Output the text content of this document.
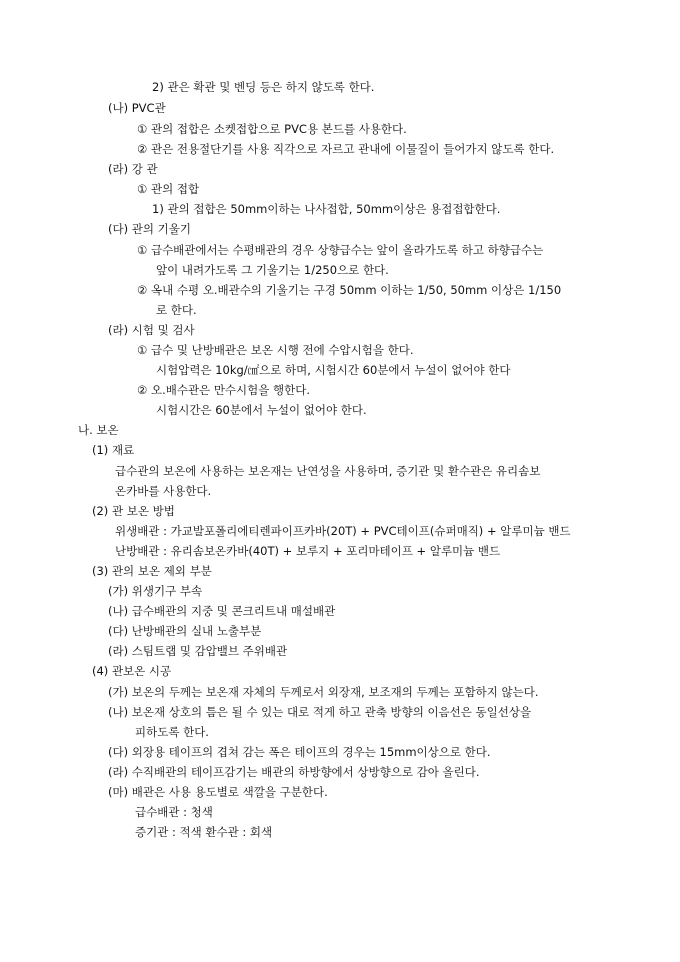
2) 관은 확관 및 벤딩 등은 하지 않도록 한다.
(나) PVC관
① 관의 접합은 소켓접합으로 PVC용 본드를 사용한다.
② 관은 전용절단기를 사용 직각으로 자르고 관내에 이물질이 들어가지 않도록 한다.
(라) 강 관
① 관의 접합
1) 관의 접합은 50mm이하는 나사접합, 50mm이상은 용접접합한다.
(다) 관의 기울기
① 급수배관에서는 수평배관의 경우 상향급수는 앞이 올라가도록 하고 하향급수는
앞이 내려가도록 그 기울기는 1/250으로 한다.
② 옥내 수평 오.배관수의 기울기는 구경 50mm 이하는 1/50, 50mm 이상은 1/150
로 한다.
(라) 시험 및 검사
① 급수 및 난방배관은 보온 시행 전에 수압시험을 한다.
시험압력은 10kg/㎠으로 하며, 시험시간 60분에서 누설이 없어야 한다
② 오.배수관은 만수시험을 행한다.
시험시간은 60분에서 누설이 없어야 한다.
나. 보온
(1) 재료
급수관의 보온에 사용하는 보온재는 난연성을 사용하며, 증기관 및 환수관은 유리솜보
온카바를 사용한다.
(2) 관 보온 방법
위생배관 : 가교발포폴리에티렌파이프카바(20T) + PVC테이프(슈퍼매직) + 알루미늄 밴드
난방배관 : 유리솜보온카바(40T) + 보루지 + 포리마테이프 + 알루미늄 밴드
(3) 관의 보온 제외 부분
(가) 위생기구 부속
(나) 급수배관의 지중 및 콘크리트내 매설배관
(다) 난방배관의 실내 노출부분
(라) 스팀트랩 및 감압밸브 주위배관
(4) 관보온 시공
(가) 보온의 두께는 보온재 자체의 두께로서 외장재, 보조재의 두께는 포함하지 않는다.
(나) 보온재 상호의 틈은 될 수 있는 대로 적게 하고 관축 방향의 이음선은 동일선상을
피하도록 한다.
(다) 외장용 테이프의 겹쳐 감는 폭은 테이프의 경우는 15mm이상으로 한다.
(라) 수직배관의 테이프감기는 배관의 하방향에서 상방향으로 감아 올린다.
(마) 배관은 사용 용도별로 색깔을 구분한다.
급수배관 : 청색
증기관 : 적색 환수관 : 회색
